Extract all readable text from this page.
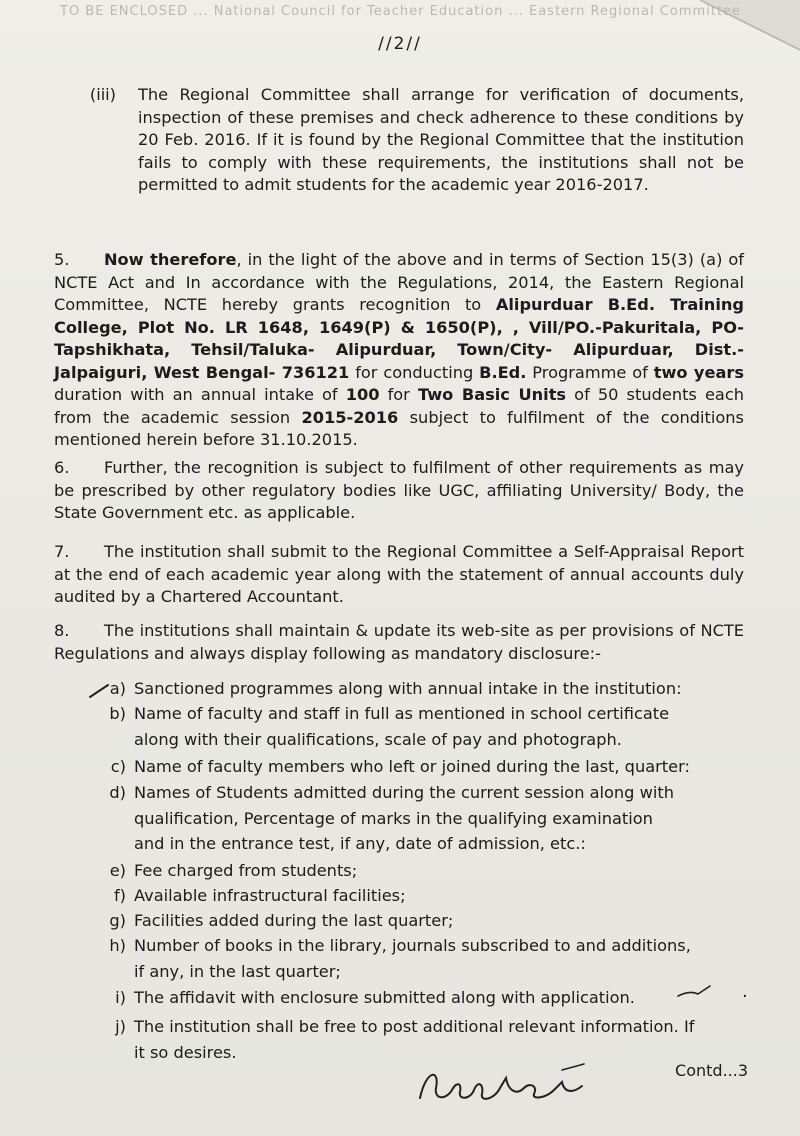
TO BE ENCLOSED ... National Council for Teacher Education ... Eastern Regional Committee
//2//
(iii) The Regional Committee shall arrange for verification of documents, inspection of these premises and check adherence to these conditions by 20 Feb. 2016. If it is found by the Regional Committee that the institution fails to comply with these requirements, the institutions shall not be permitted to admit students for the academic year 2016-2017.
5. Now therefore, in the light of the above and in terms of Section 15(3) (a) of NCTE Act and In accordance with the Regulations, 2014, the Eastern Regional Committee, NCTE hereby grants recognition to Alipurduar B.Ed. Training College, Plot No. LR 1648, 1649(P) & 1650(P), , Vill/PO.-Pakuritala, PO-Tapshikhata, Tehsil/Taluka- Alipurduar, Town/City- Alipurduar, Dist.- Jalpaiguri, West Bengal- 736121 for conducting B.Ed. Programme of two years duration with an annual intake of 100 for Two Basic Units of 50 students each from the academic session 2015-2016 subject to fulfilment of the conditions mentioned herein before 31.10.2015.
6. Further, the recognition is subject to fulfilment of other requirements as may be prescribed by other regulatory bodies like UGC, affiliating University/ Body, the State Government etc. as applicable.
7. The institution shall submit to the Regional Committee a Self-Appraisal Report at the end of each academic year along with the statement of annual accounts duly audited by a Chartered Accountant.
8. The institutions shall maintain & update its web-site as per provisions of NCTE Regulations and always display following as mandatory disclosure:-
a) Sanctioned programmes along with annual intake in the institution:
b) Name of faculty and staff in full as mentioned in school certificate
along with their qualifications, scale of pay and photograph.
c) Name of faculty members who left or joined during the last, quarter:
d) Names of Students admitted during the current session along with
qualification, Percentage of marks in the qualifying examination
and in the entrance test, if any, date of admission, etc.:
e) Fee charged from students;
f) Available infrastructural facilities;
g) Facilities added during the last quarter;
h) Number of books in the library, journals subscribed to and additions,
if any, in the last quarter;
i) The affidavit with enclosure submitted along with application.
j) The institution shall be free to post additional relevant information. If
it so desires.
·
Contd...3
